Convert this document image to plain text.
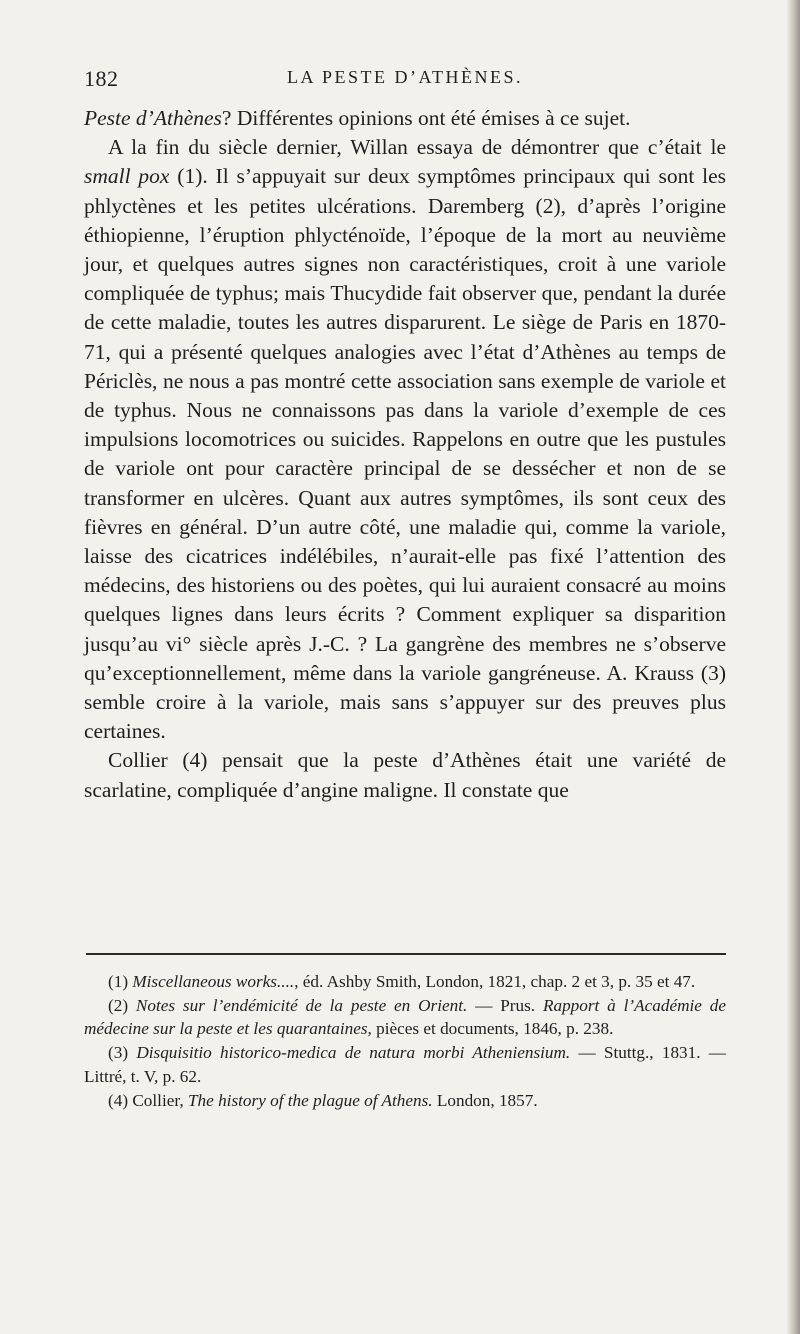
182	LA PESTE D’ATHÈNES.

Peste d’Athènes? Différentes opinions ont été émises à ce sujet.

A la fin du siècle dernier, Willan essaya de démontrer que c’était le small pox (1). Il s’appuyait sur deux symptômes principaux qui sont les phlyctènes et les petites ulcérations. Daremberg (2), d’après l’origine éthiopienne, l’éruption phlycténoïde, l’époque de la mort au neuvième jour, et quelques autres signes non caractéristiques, croit à une variole compliquée de typhus; mais Thucydide fait observer que, pendant la durée de cette maladie, toutes les autres disparurent. Le siège de Paris en 1870-71, qui a présenté quelques analogies avec l’état d’Athènes au temps de Périclès, ne nous a pas montré cette association sans exemple de variole et de typhus. Nous ne connaissons pas dans la variole d’exemple de ces impulsions locomotrices ou suicides. Rappelons en outre que les pustules de variole ont pour caractère principal de se dessécher et non de se transformer en ulcères. Quant aux autres symptômes, ils sont ceux des fièvres en général. D’un autre côté, une maladie qui, comme la variole, laisse des cicatrices indélébiles, n’aurait-elle pas fixé l’attention des médecins, des historiens ou des poètes, qui lui auraient consacré au moins quelques lignes dans leurs écrits ? Comment expliquer sa disparition jusqu’au vi° siècle après J.-C. ? La gangrène des membres ne s’observe qu’exceptionnellement, même dans la variole gangréneuse. A. Krauss (3) semble croire à la variole, mais sans s’appuyer sur des preuves plus certaines.

Collier (4) pensait que la peste d’Athènes était une variété de scarlatine, compliquée d’angine maligne. Il constate que

(1) Miscellaneous works...., éd. Ashby Smith, London, 1821, chap. 2 et 3, p. 35 et 47.

(2) Notes sur l’endémicité de la peste en Orient. — Prus. Rapport à l’Académie de médecine sur la peste et les quarantaines, pièces et documents, 1846, p. 238.

(3) Disquisitio historico-medica de natura morbi Atheniensium. — Stuttg., 1831. — Littré, t. V, p. 62.

(4) Collier, The history of the plague of Athens. London, 1857.
